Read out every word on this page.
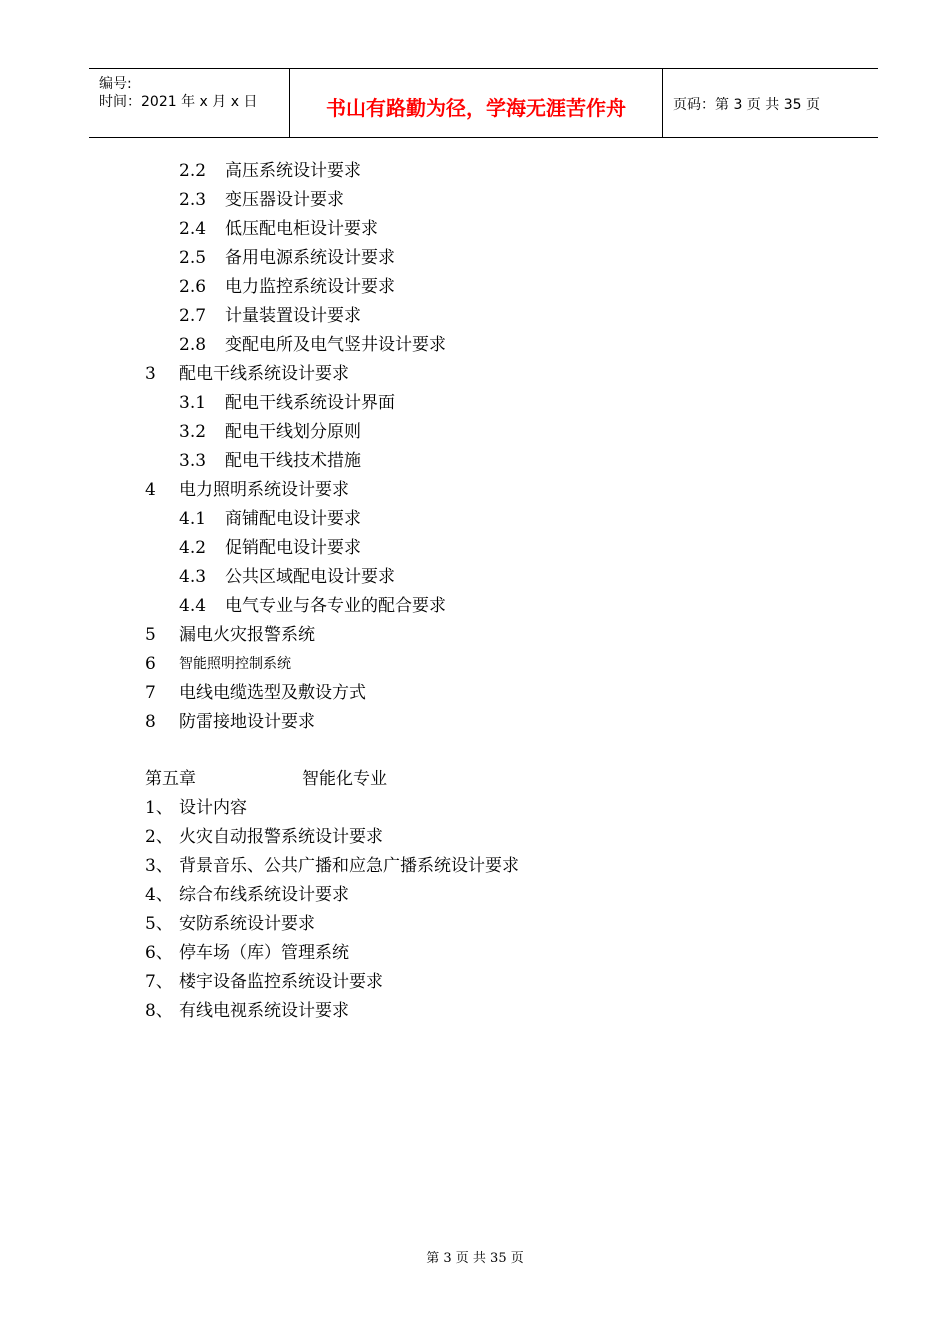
编号:
时间：2021 年 x 月 x 日	书山有路勤为径，学海无涯苦作舟	页码：第 3 页 共 35 页
2.2 高压系统设计要求
2.3 变压器设计要求
2.4 低压配电柜设计要求
2.5 备用电源系统设计要求
2.6 电力监控系统设计要求
2.7 计量装置设计要求
2.8 变配电所及电气竖井设计要求
3 配电干线系统设计要求
3.1 配电干线系统设计界面
3.2 配电干线划分原则
3.3 配电干线技术措施
4 电力照明系统设计要求
4.1 商铺配电设计要求
4.2 促销配电设计要求
4.3 公共区域配电设计要求
4.4 电气专业与各专业的配合要求
5 漏电火灾报警系统
6 智能照明控制系统
7 电线电缆选型及敷设方式
8 防雷接地设计要求
第五章	智能化专业
1、 设计内容
2、 火灾自动报警系统设计要求
3、 背景音乐、公共广播和应急广播系统设计要求
4、 综合布线系统设计要求
5、 安防系统设计要求
6、 停车场（库）管理系统
7、 楼宇设备监控系统设计要求
8、 有线电视系统设计要求
第 3 页 共 35 页
